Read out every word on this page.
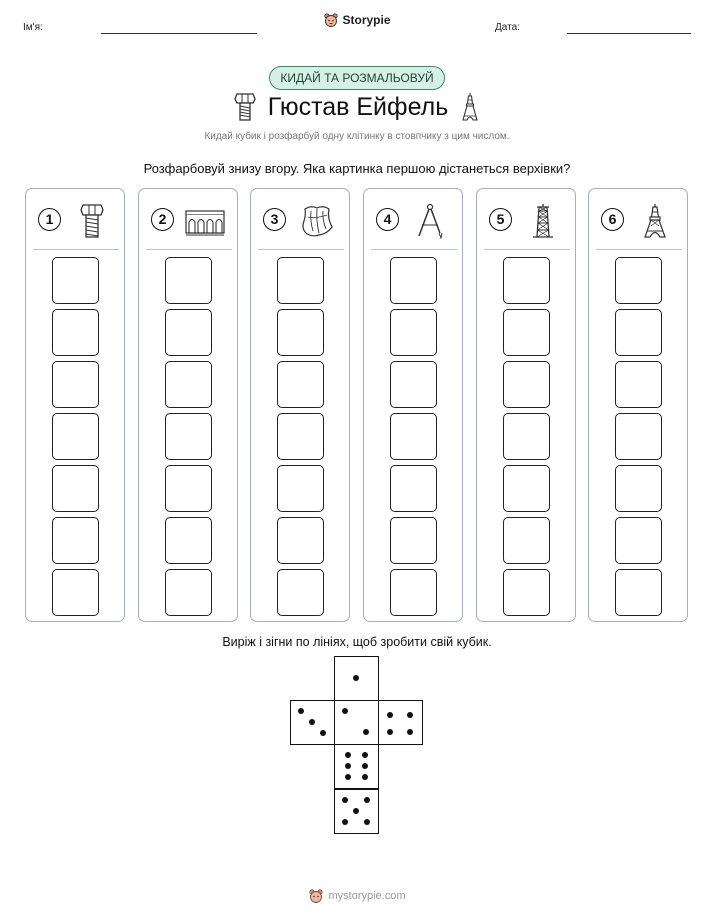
Ім'я:	Дата:
Storypie
КИДАЙ ТА РОЗМАЛЬОВУЙ
Гюстав Ейфель
Кидай кубик і розфарбуй одну клітинку в стовпчику з цим числом.
Розфарбовуй знизу вгору. Яка картинка першою дістанеться верхівки?
1	2	3	4	5	6
Виріж і зігни по лініях, щоб зробити свій кубик.
mystorypie.com
